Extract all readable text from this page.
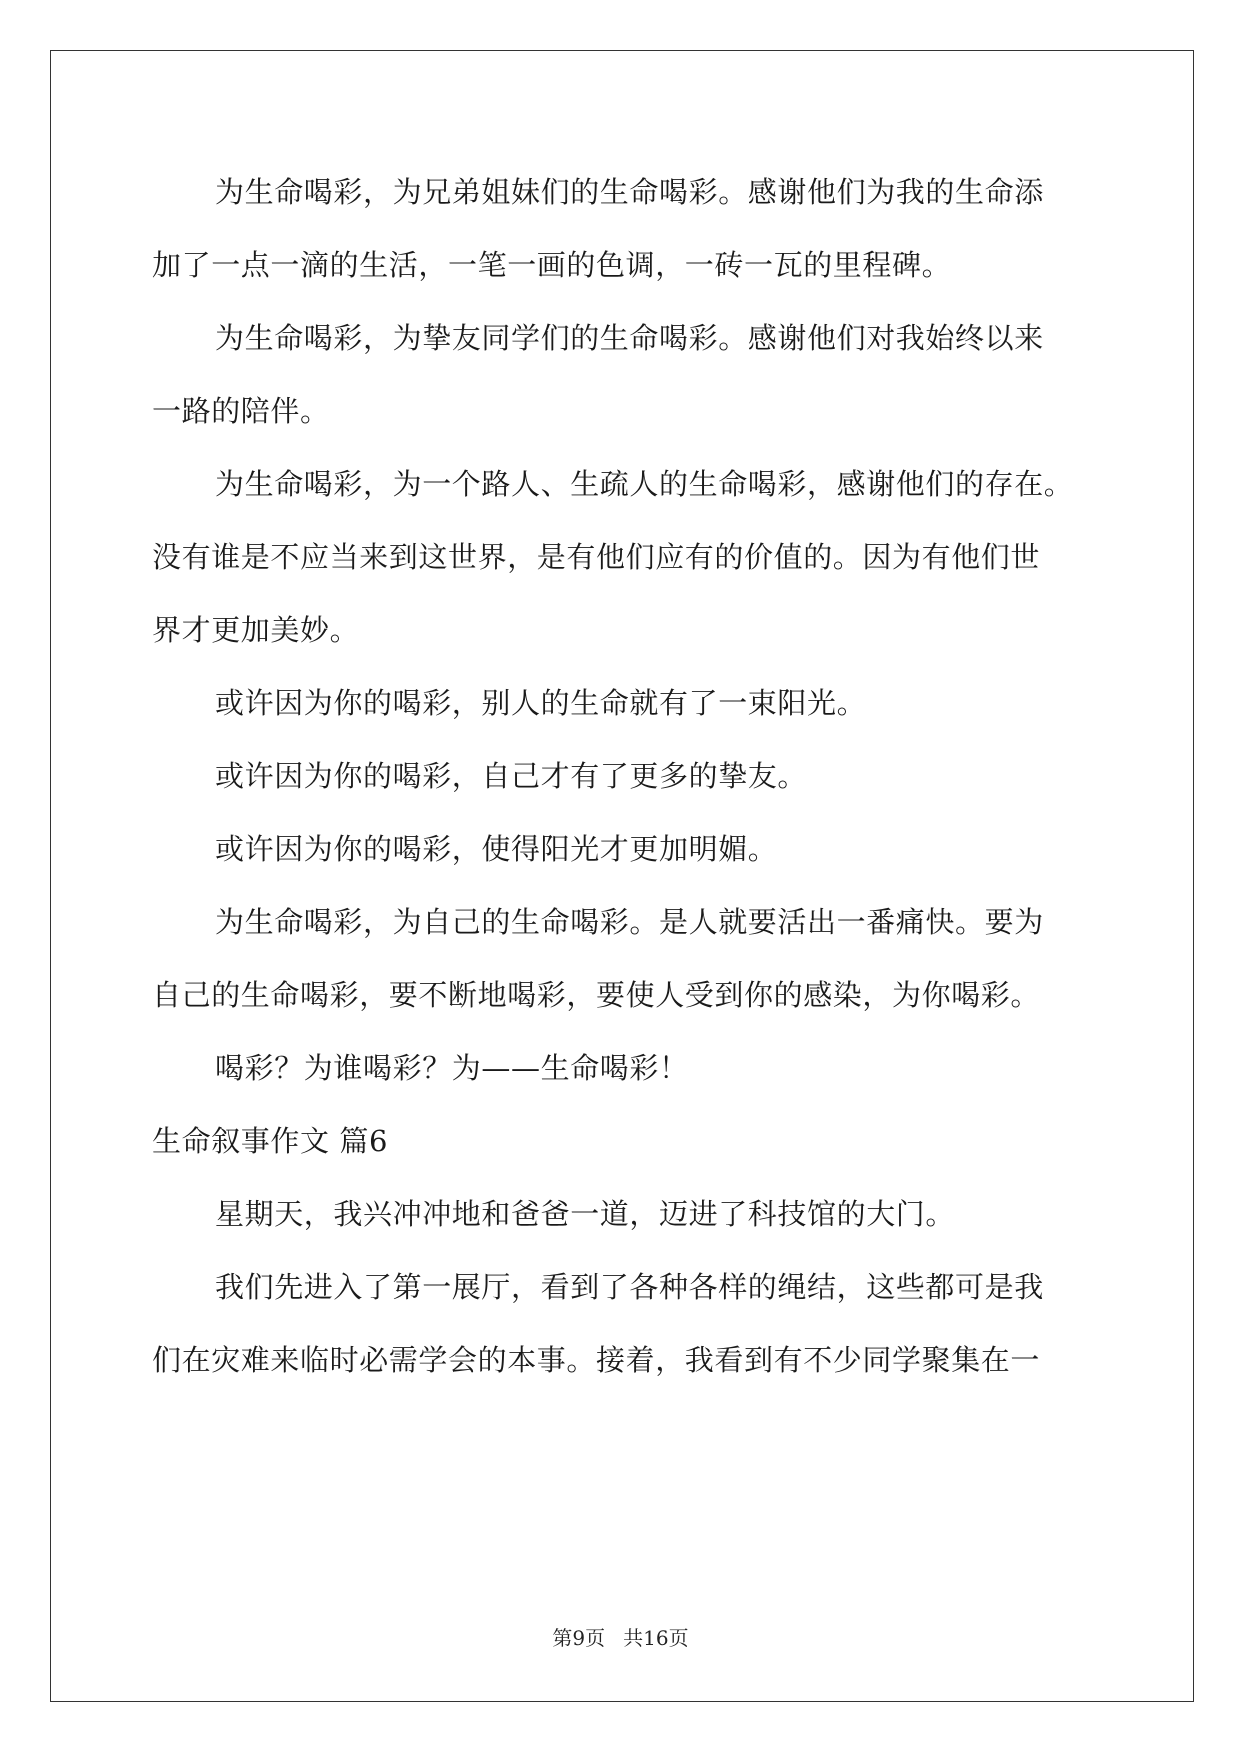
为生命喝彩，为兄弟姐妹们的生命喝彩。感谢他们为我的生命添
加了一点一滴的生活，一笔一画的色调，一砖一瓦的里程碑。
为生命喝彩，为挚友同学们的生命喝彩。感谢他们对我始终以来
一路的陪伴。
为生命喝彩，为一个路人、生疏人的生命喝彩，感谢他们的存在。
没有谁是不应当来到这世界，是有他们应有的价值的。因为有他们世
界才更加美妙。
或许因为你的喝彩，别人的生命就有了一束阳光。
或许因为你的喝彩，自己才有了更多的挚友。
或许因为你的喝彩，使得阳光才更加明媚。
为生命喝彩，为自己的生命喝彩。是人就要活出一番痛快。要为
自己的生命喝彩，要不断地喝彩，要使人受到你的感染，为你喝彩。
喝彩？为谁喝彩？为——生命喝彩！
生命叙事作文 篇6
星期天，我兴冲冲地和爸爸一道，迈进了科技馆的大门。
我们先进入了第一展厅，看到了各种各样的绳结，这些都可是我
们在灾难来临时必需学会的本事。接着，我看到有不少同学聚集在一
第9页 共16页
